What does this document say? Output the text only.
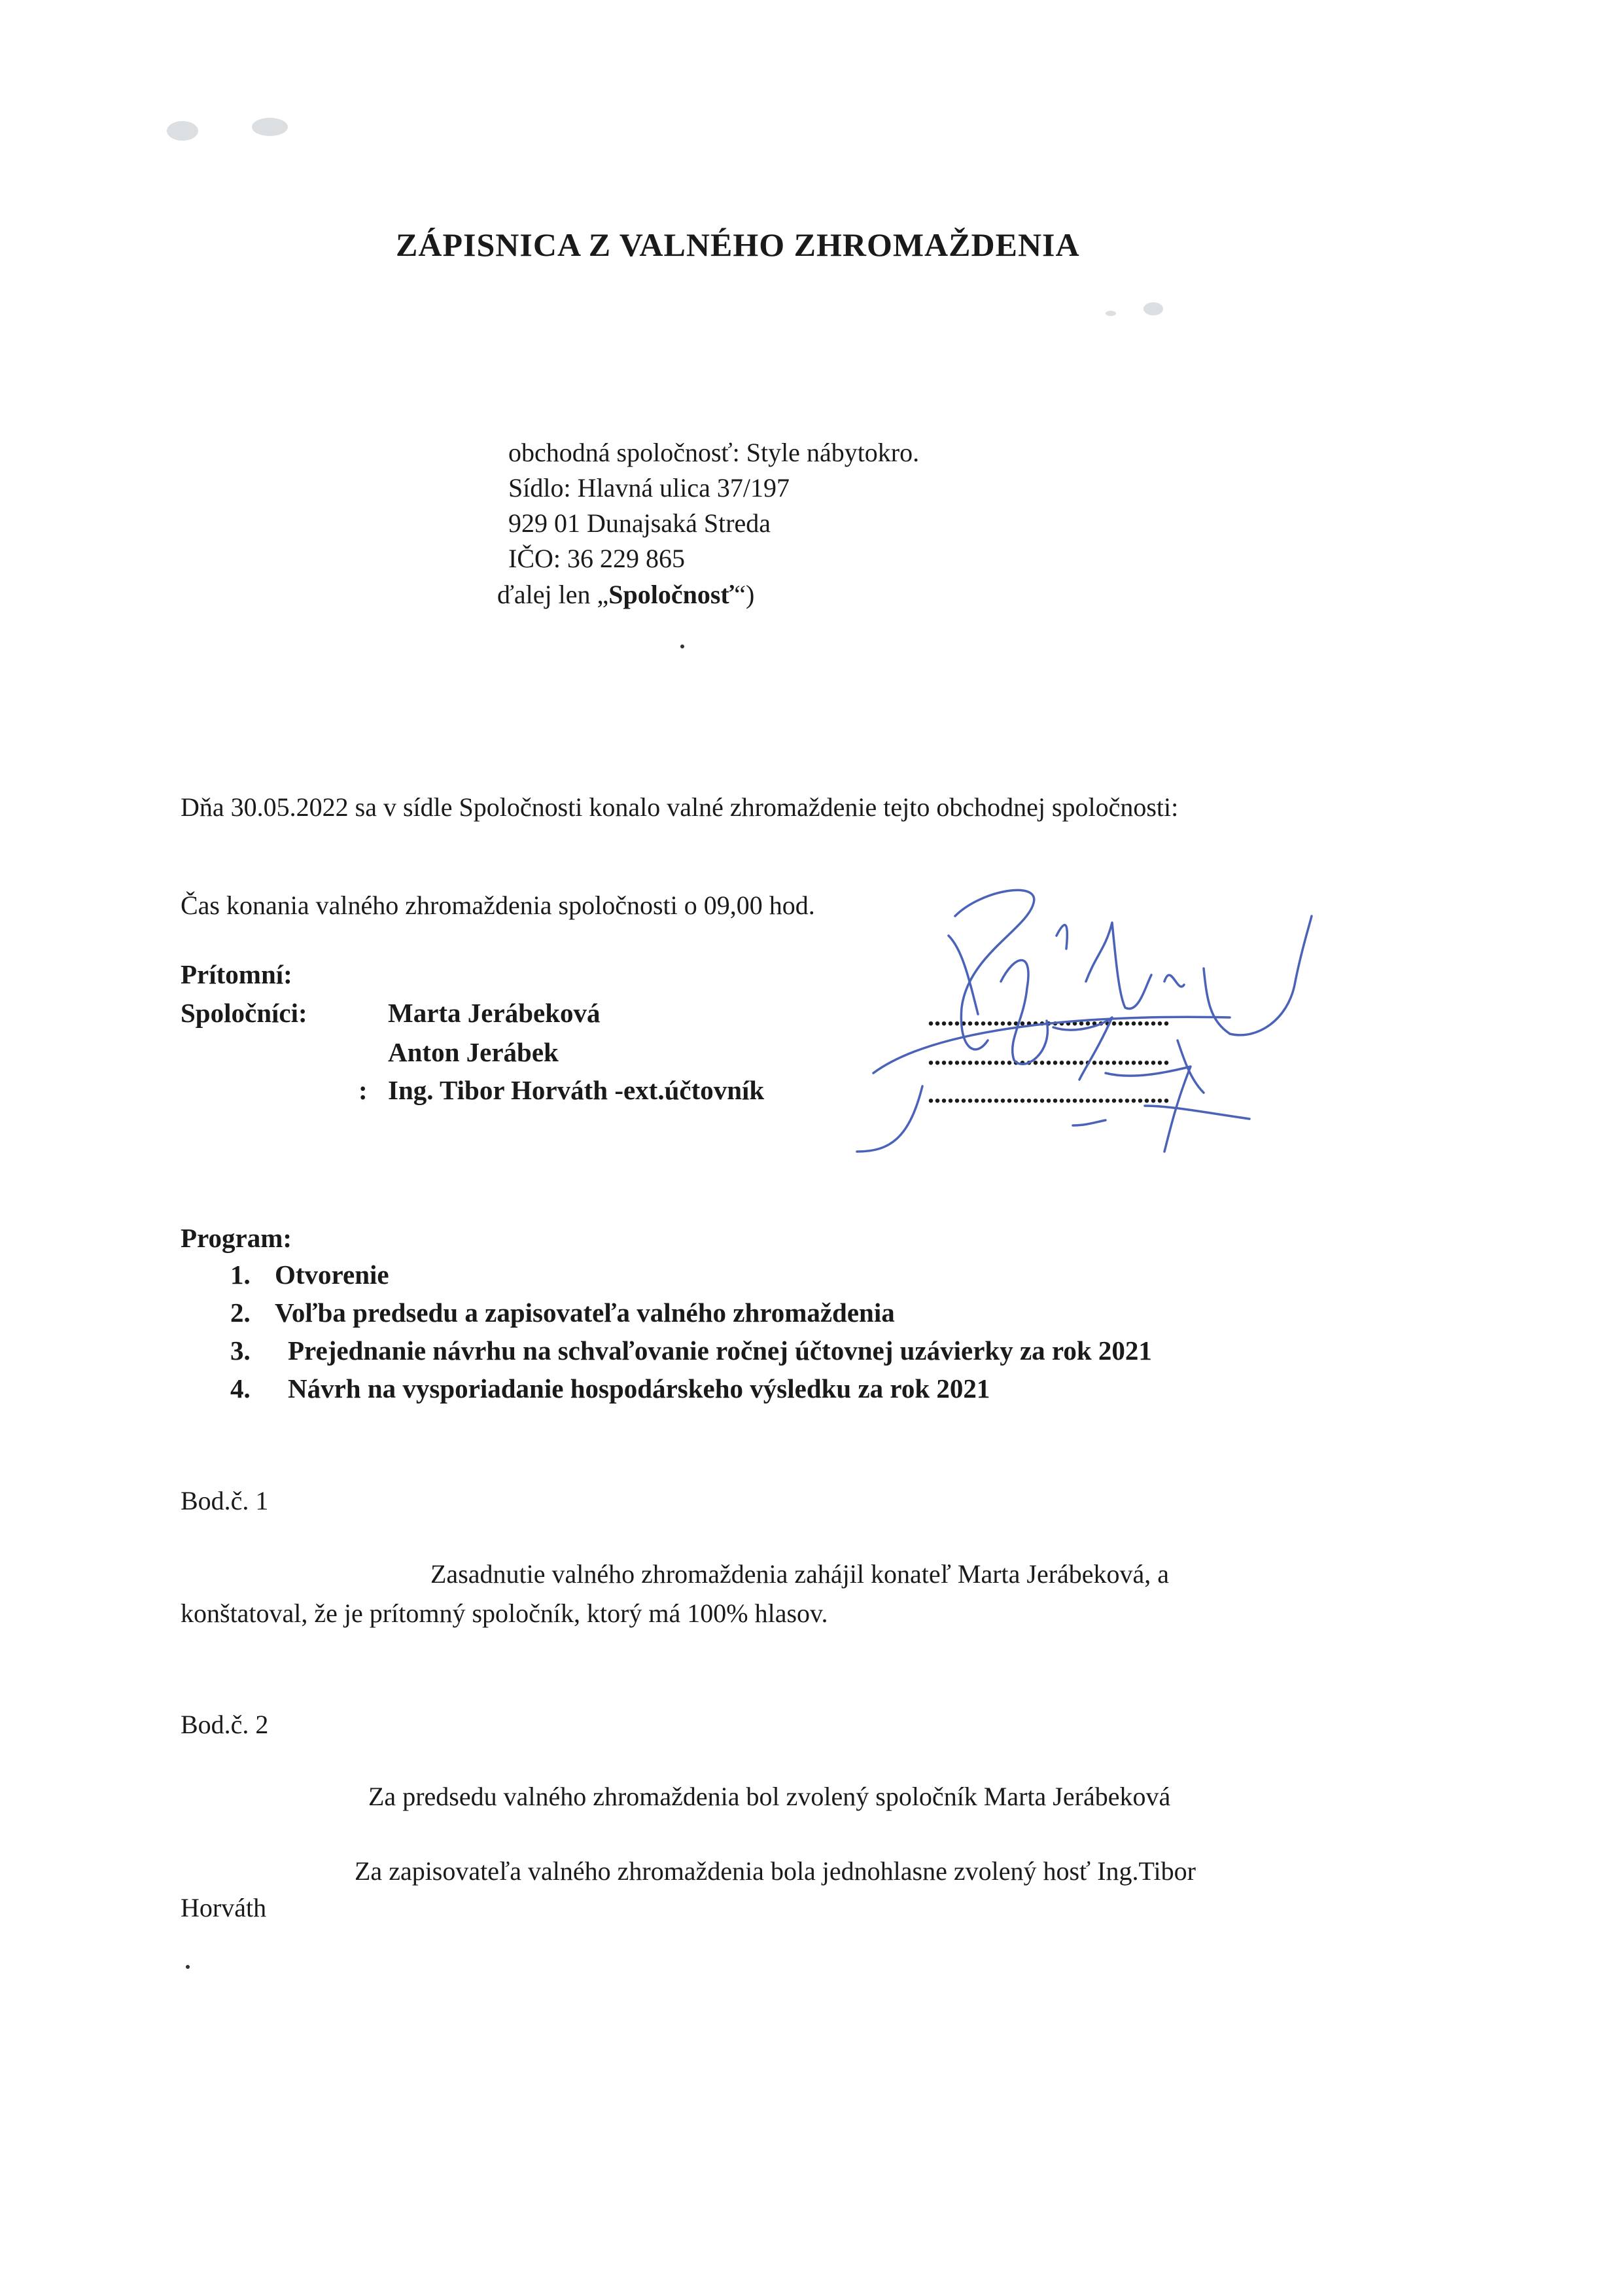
ZÁPISNICA Z VALNÉHO ZHROMAŽDENIA
obchodná spoločnosť: Style nábytokro.
Sídlo: Hlavná ulica 37/197
929 01 Dunajsaká Streda
IČO: 36 229 865
ďalej len „Spoločnosť“)
Dňa 30.05.2022 sa v sídle Spoločnosti konalo valné zhromaždenie tejto obchodnej spoločnosti:
Čas konania valného zhromaždenia spoločnosti o 09,00 hod.
Prítomní:
Spoločníci:	Marta Jerábeková
Anton Jerábek
: Ing. Tibor Horváth -ext.účtovník
.....................................
.....................................
.....................................
Program:
1. Otvorenie
2. Voľba predsedu a zapisovateľa valného zhromaždenia
3. Prejednanie návrhu na schvaľovanie ročnej účtovnej uzávierky za rok 2021
4. Návrh na vysporiadanie hospodárskeho výsledku za rok 2021
Bod.č. 1
Zasadnutie valného zhromaždenia zahájil konateľ Marta Jerábeková, a
konštatoval, že je prítomný spoločník, ktorý má 100% hlasov.
Bod.č. 2
Za predsedu valného zhromaždenia bol zvolený spoločník Marta Jerábeková
Za zapisovateľa valného zhromaždenia bola jednohlasne zvolený hosť Ing.Tibor
Horváth
